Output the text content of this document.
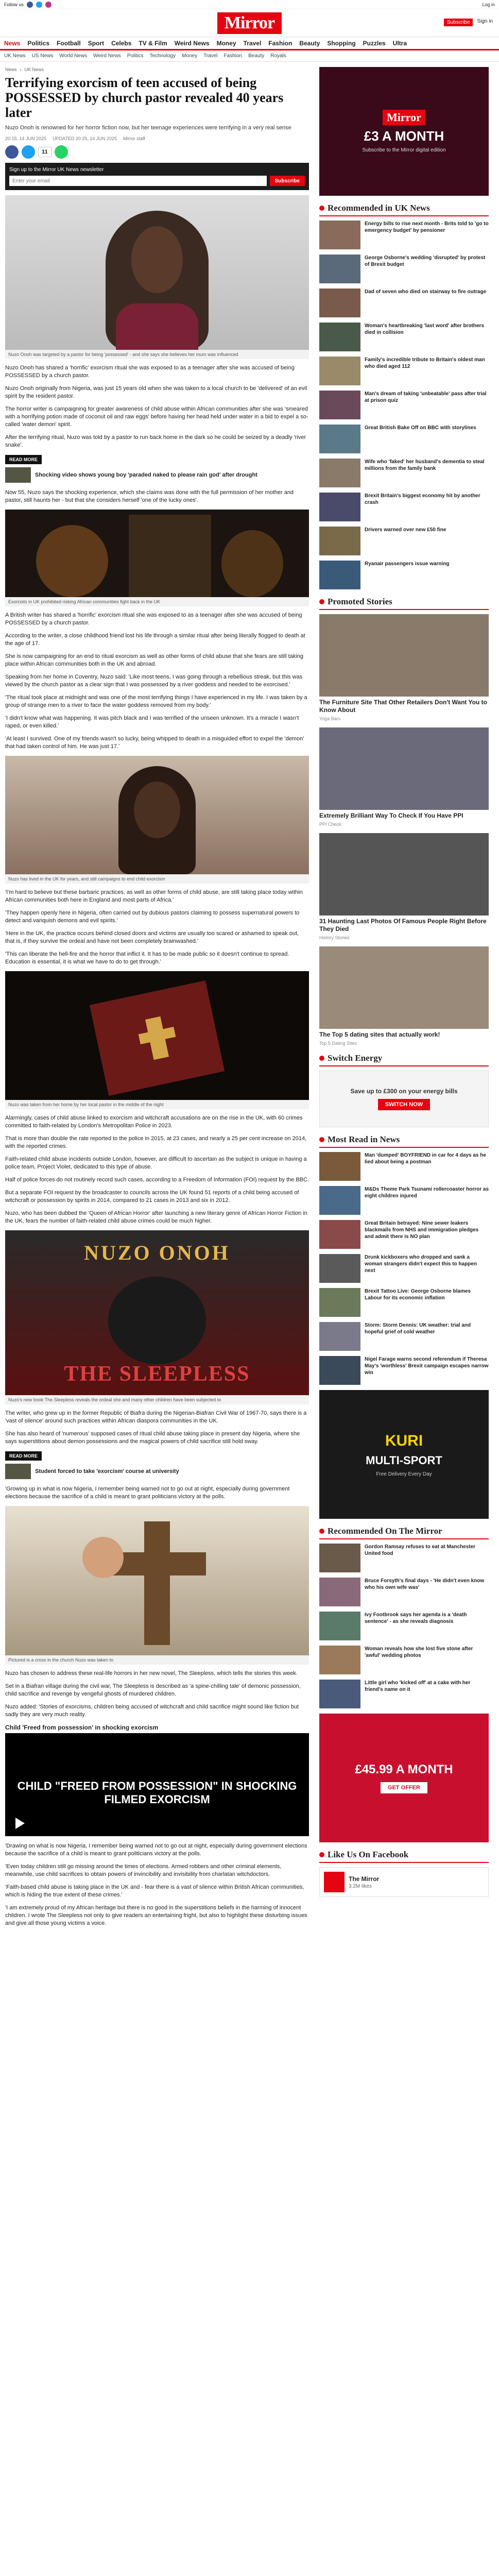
Follow us	Log in
Mirror	Subscribe	Sign in
News Politics Football Sport Celebs TV & Film Weird News Money Travel Fashion Beauty Shopping Puzzles Ultra
UK News US News World News Weird News Politics Technology Money Travel Fashion Beauty Royals
News › UK News
Terrifying exorcism of teen accused of being POSSESSED by church pastor revealed 40 years later
Nuzo Onoh is renowned for her horror fiction now, but her teenage experiences were terrifying in a very real sense
20:15, 14 JUN 2025 UPDATED 20:25, 14 JUN 2025 Mirror staff
11

Sign up to the Mirror UK News newsletter

Enter your email
Subscribe
Nuzo Onoh was targeted by a pastor for being 'possessed' - and she says she believes her mum was influenced

Nuzo Onoh has shared a 'horrific' exorcism ritual she was exposed to as a teenager after she was accused of being POSSESSED by a church pastor.

Nuzo Onoh originally from Nigeria, was just 15 years old when she was taken to a local church to be 'delivered' of an evil spirit by the resident pastor.

The horror writer is campaigning for greater awareness of child abuse within African communities after she was 'smeared with a horrifying potion made of coconut oil and raw eggs' before having her head held under water in a bid to expel a so-called 'water demon' spirit.

After the terrifying ritual, Nuzo was told by a pastor to run back home in the dark so he could be seized by a deadly 'river snake'.

READ MORE
Shocking video shows young boy 'paraded naked to please rain god' after drought

Now 55, Nuzo says the shocking experience, which she claims was done with the full permission of her mother and pastor, still haunts her - but that she considers herself 'one of the lucky ones'.

Exorcists in UK prohibited risking African communities fight back in the UK

A British writer has shared a 'horrific' exorcism ritual she was exposed to as a teenager after she was accused of being POSSESSED by a church pastor.

According to the writer, a close childhood friend lost his life through a similar ritual after being literally flogged to death at the age of 17.

She is now campaigning for an end to ritual exorcism as well as other forms of child abuse that she fears are still taking place within African communities both in the UK and abroad.

Speaking from her home in Coventry, Nuzo said: 'Like most teens, I was going through a rebellious streak, but this was viewed by the church pastor as a clear sign that I was possessed by a river goddess and needed to be exorcised.'

'The ritual took place at midnight and was one of the most terrifying things I have experienced in my life. I was taken by a group of strange men to a river to face the water goddess removed from my body.'

'I didn't know what was happening. It was pitch black and I was terrified of the unseen unknown. It's a miracle I wasn't raped, or even killed.'

'At least I survived. One of my friends wasn't so lucky, being whipped to death in a misguided effort to expel the 'demon' that had taken control of him. He was just 17.'

Nuzo has lived in the UK for years, and still campaigns to end child exorcism

'I'm hard to believe but these barbaric practices, as well as other forms of child abuse, are still taking place today within African communities both here in England and most parts of Africa.'

'They happen openly here in Nigeria, often carried out by dubious pastors claiming to possess supernatural powers to detect and vanquish demons and evil spirits.'

'Here in the UK, the practice occurs behind closed doors and victims are usually too scared or ashamed to speak out, that is, if they survive the ordeal and have not been completely brainwashed.'

'This can liberate the hell-fire and the horror that inflict it. It has to be made public so it doesn't continue to spread. Education is essential, it is what we have to do to get through.'

Nuzo was taken from her home by her local pastor in the middle of the night

Alarmingly, cases of child abuse linked to exorcism and witchcraft accusations are on the rise in the UK, with 60 crimes committed to faith-related by London's Metropolitan Police in 2023.

That is more than double the rate reported to the police in 2015, at 23 cases, and nearly a 25 per cent increase on 2014, with the reported crimes.

Faith-related child abuse incidents outside London, however, are difficult to ascertain as the subject is unique in having a police team, Project Violet, dedicated to this type of abuse.

Half of police forces do not routinely record such cases, according to a Freedom of Information (FOI) request by the BBC.

But a separate FOI request by the broadcaster to councils across the UK found 51 reports of a child being accused of witchcraft or possession by spirits in 2014, compared to 21 cases in 2013 and six in 2012.

Nuzo, who has been dubbed the 'Queen of African Horror' after launching a new literary genre of African Horror Fiction in the UK, fears the number of faith-related child abuse crimes could be much higher.

NUZO ONOH
THE SLEEPLESS
Nuzo's new book The Sleepless reveals the ordeal she and many other children have been subjected to

The writer, who grew up in the former Republic of Biafra during the Nigerian-Biafran Civil War of 1967-70, says there is a 'vast of silence' around such practices within African diaspora communities in the UK.

She has also heard of 'numerous' supposed cases of ritual child abuse taking place in present day Nigeria, where she says superstitions about demon possessions and the magical powers of child sacrifice still hold sway.

READ MORE
Student forced to take 'exorcism' course at university

'Growing up in what is now Nigeria, I remember being warned not to go out at night, especially during government elections because the sacrifice of a child is meant to grant politicians victory at the polls.

Pictured is a cross in the church Nuzo was taken to

Nuzo has chosen to address these real-life horrors in her new novel, The Sleepless, which tells the stories this week.

Set in a Biafran village during the civil war, The Sleepless is described as 'a spine-chilling tale' of demonic possession, child sacrifice and revenge by vengeful ghosts of murdered children.

Nuzo added: 'Stories of exorcisms, children being accused of witchcraft and child sacrifice might sound like fiction but sadly they are very much reality.

Child 'Freed from possession' in shocking exorcism
CHILD "FREED FROM POSSESSION" IN SHOCKING FILMED EXORCISM

'Drawing on what is now Nigeria, I remember being warned not to go out at night, especially during government elections because the sacrifice of a child is meant to grant politicians victory at the polls.

'Even today children still go missing around the times of elections. Armed robbers and other criminal elements, meanwhile, use child sacrifices to obtain powers of invincibility and invisibility from charlatan witchdoctors.

'Faith-based child abuse is taking place in the UK and - fear there is a vast of silence within British African communities, which is hiding the true extent of these crimes.'

'I am extremely proud of my African heritage but there is no good in the superstitions beliefs in the harming of innocent children. I wrote The Sleepless not only to give readers an entertaining fright, but also to highlight these disturbing issues and give all those young victims a voice.

Mirror
£3 A MONTH
Subscribe to the Mirror digital edition
Recommended in UK News
Energy bills to rise next month - Brits told to 'go to emergency budget' by pensioner
George Osborne's wedding 'disrupted' by protest of Brexit budget
Dad of seven who died on stairway to fire outrage
Woman's heartbreaking 'last word' after brothers died in collision
Family's incredible tribute to Britain's oldest man who died aged 112
Man's dream of taking 'unbeatable' pass after trial at prison quiz
Great British Bake Off on BBC with storylines
Wife who 'faked' her husband's dementia to steal millions from the family bank
Brexit Britain's biggest economy hit by another crash
Drivers warned over new £50 fine
Ryanair passengers issue warning
Promoted Stories
The Furniture Site That Other Retailers Don't Want You to Know About
Yoga Bars
Extremely Brilliant Way To Check If You Have PPI
PPI Check
31 Haunting Last Photos Of Famous People Right Before They Died
History Stories
The Top 5 dating sites that actually work!
Top 5 Dating Sites
Switch Energy
Save up to £300 on your energy bills
SWITCH NOW
Most Read in News
Man 'dumped' BOYFRIEND in car for 4 days as he lied about being a postman
M&Ds Theme Park Tsunami rollercoaster horror as eight children injured
Great Britain betrayed: Nine sewer leakers blackmails from NHS and immigration pledges and admit there is NO plan
Drunk kickboxers who dropped and sank a woman strangers didn't expect this to happen next
Brexit Tattoo Live: George Osborne blames Labour for its economic inflation
Storm: Storm Dennis: UK weather: trial and hopeful grief of cold weather
Nigel Farage warns second referendum if Theresa May's 'worthless' Brexit campaign escapes narrow win
KURI
MULTI-SPORT
Free Delivery Every Day
Recommended On The Mirror
Gordon Ramsay refuses to eat at Manchester United food
Bruce Forsyth's final days - 'He didn't even know who his own wife was'
Ivy Footbrook says her agenda is a 'death sentence' - as she reveals diagnosis
Woman reveals how she lost five stone after 'awful' wedding photos
Little girl who 'kicked off' at a cake with her friend's name on it
£45.99 A MONTH
GET OFFER
Like Us On Facebook
The Mirror
3.2M likes
